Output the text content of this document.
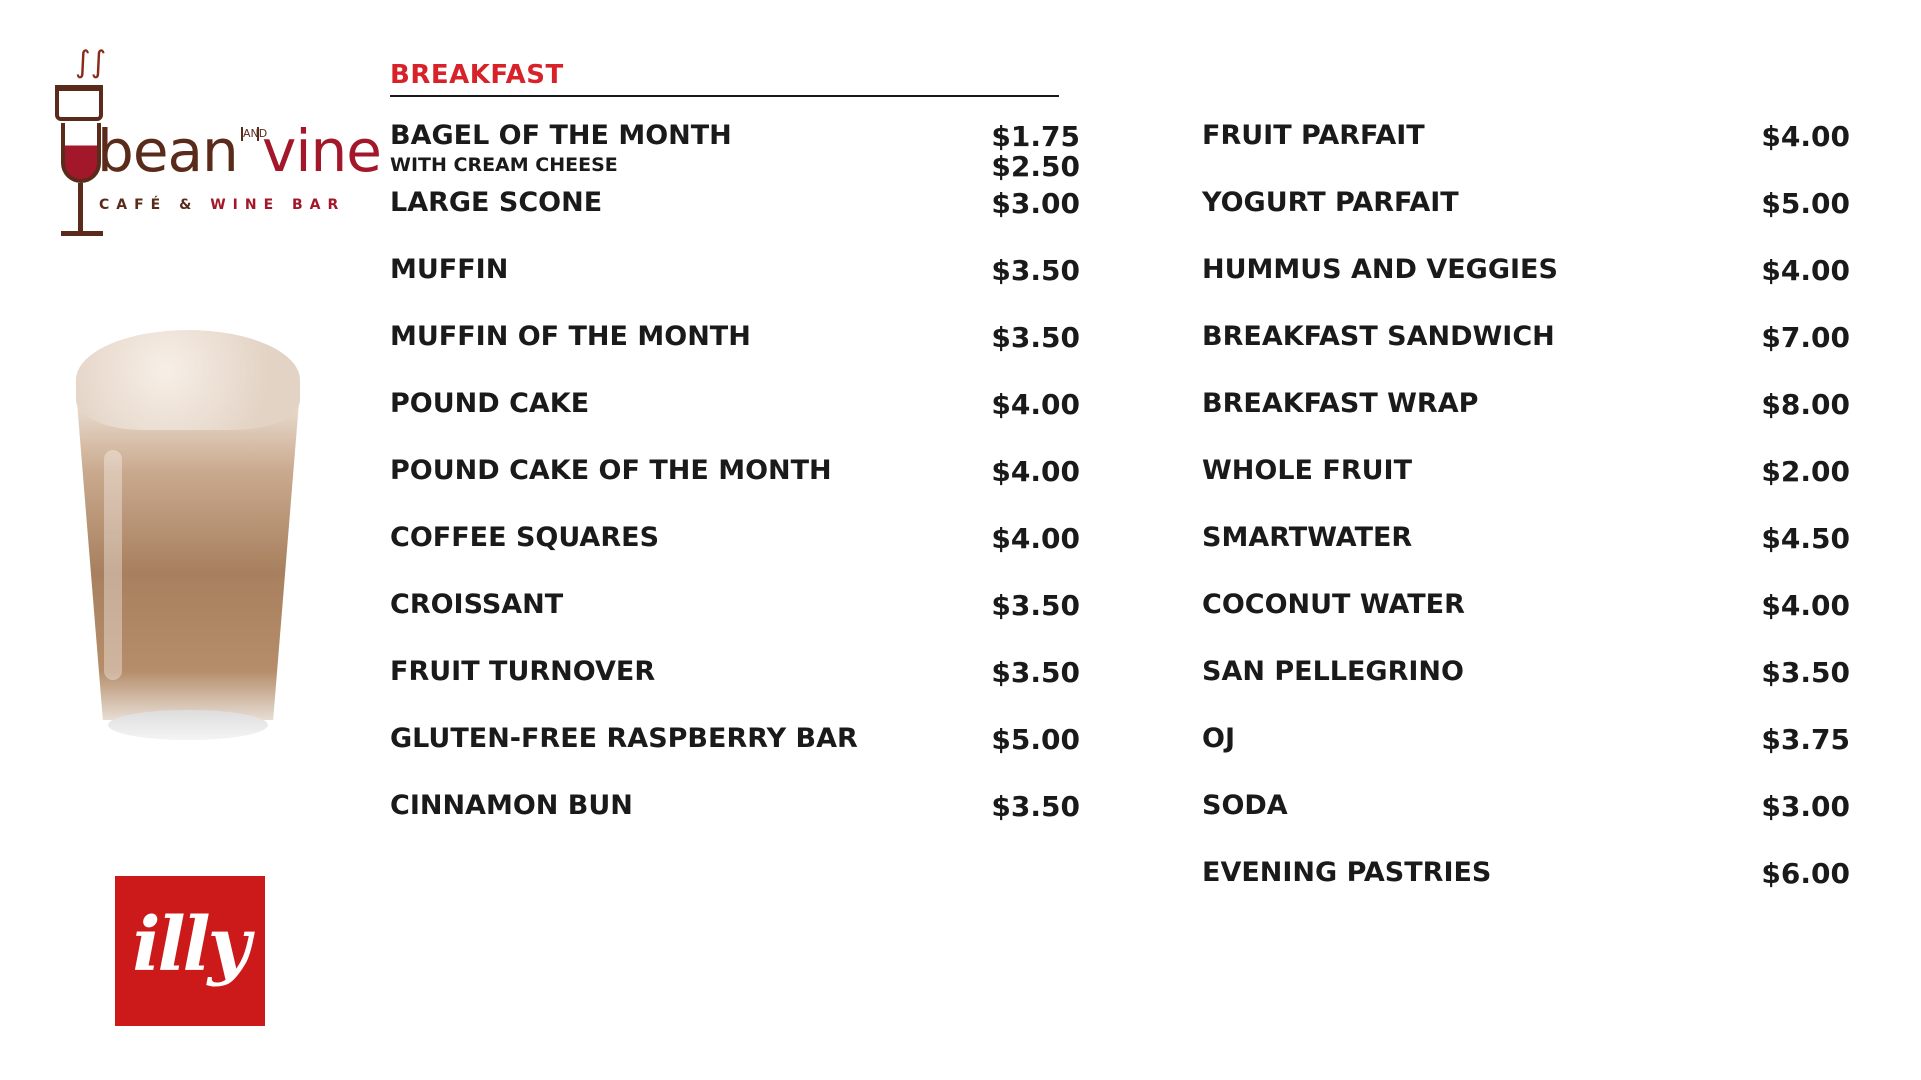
∫∫
bean AND
vine
CAFÉ & WINE BAR
illy
BREAKFAST
BAGEL OF THE MONTH	$1.75
WITH CREAM CHEESE	$2.50
LARGE SCONE	$3.00
MUFFIN	$3.50
MUFFIN OF THE MONTH	$3.50
POUND CAKE	$4.00
POUND CAKE OF THE MONTH	$4.00
COFFEE SQUARES	$4.00
CROISSANT	$3.50
FRUIT TURNOVER	$3.50
GLUTEN-FREE RASPBERRY BAR	$5.00
CINNAMON BUN	$3.50
FRUIT PARFAIT	$4.00
YOGURT PARFAIT	$5.00
HUMMUS AND VEGGIES	$4.00
BREAKFAST SANDWICH	$7.00
BREAKFAST WRAP	$8.00
WHOLE FRUIT	$2.00
SMARTWATER	$4.50
COCONUT WATER	$4.00
SAN PELLEGRINO	$3.50
OJ	$3.75
SODA	$3.00
EVENING PASTRIES	$6.00
